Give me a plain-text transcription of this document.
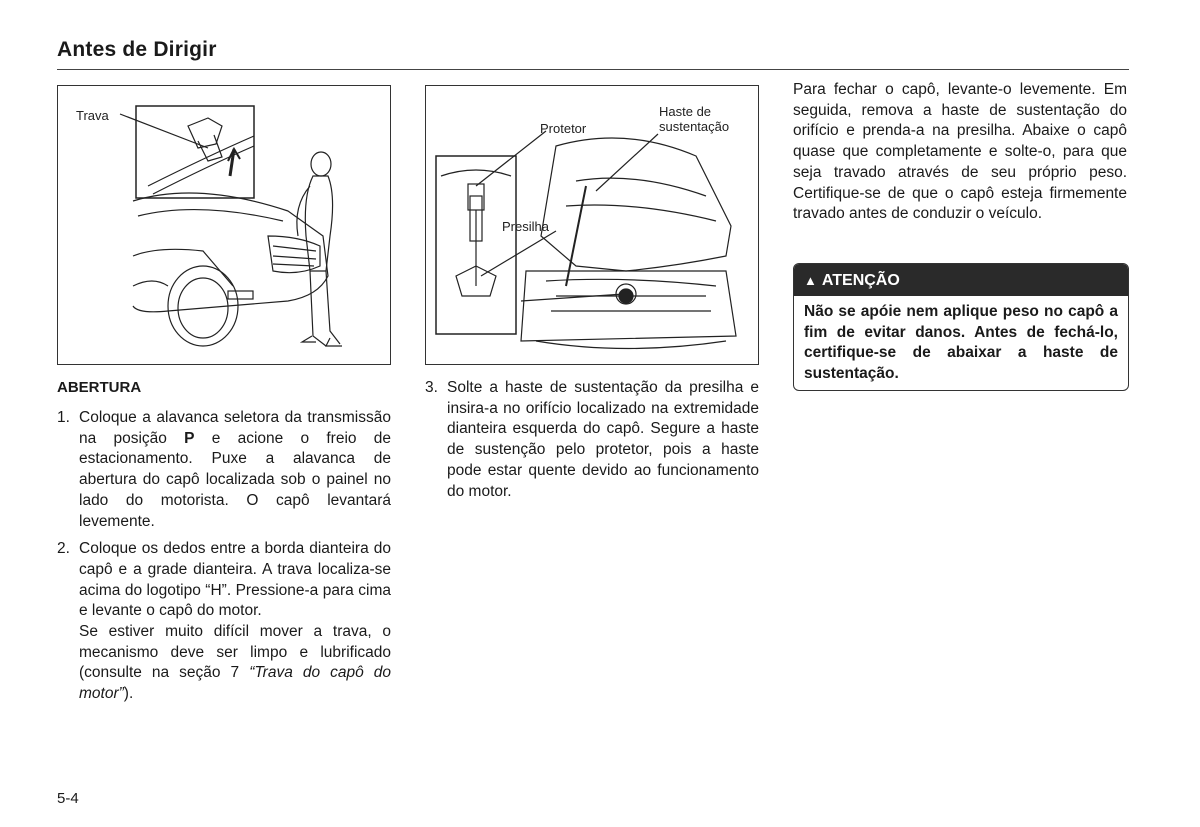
Antes de Dirigir
Trava
Protetor
Haste de
sustentação
Presilha
ABERTURA
1. Coloque a alavanca seletora da transmissão na posição P e acione o freio de estacionamento. Puxe a alavanca de abertura do capô localizada sob o painel no lado do motorista. O capô levantará levemente.
2. Coloque os dedos entre a borda dianteira do capô e a grade dianteira. A trava localiza-se acima do logotipo “H”. Pressione-a para cima e levante o capô do motor.
Se estiver muito difícil mover a trava, o mecanismo deve ser limpo e lubrificado (consulte na seção 7 “Trava do capô do motor”).
3. Solte a haste de sustentação da presilha e insira-a no orifício localizado na extremidade dianteira esquerda do capô. Segure a haste de sustenção pelo protetor, pois a haste pode estar quente devido ao funcionamento do motor.
Para fechar o capô, levante-o levemente. Em seguida, remova a haste de sustentação do orifício e prenda-a na presilha. Abaixe o capô quase que completamente e solte-o, para que seja travado através de seu próprio peso. Certifique-se de que o capô esteja firmemente travado antes de conduzir o veículo.
▲ ATENÇÃO
Não se apóie nem aplique peso no capô a fim de evitar danos. Antes de fechá-lo, certifique-se de abaixar a haste de sustentação.
5-4
